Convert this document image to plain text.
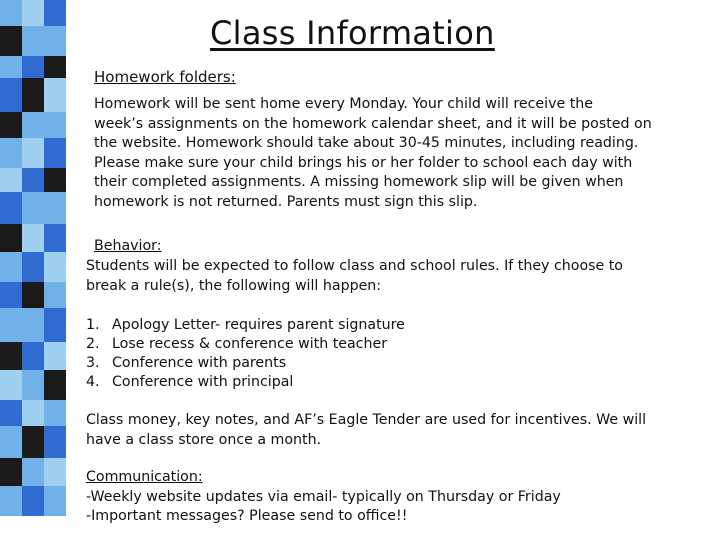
Class Information
Homework folders:
Homework will be sent home every Monday. Your child will receive the
week’s assignments on the homework calendar sheet, and it will be posted on
the website. Homework should take about 30-45 minutes, including reading.
Please make sure your child brings his or her folder to school each day with
their completed assignments. A missing homework slip will be given when
homework is not returned. Parents must sign this slip.
Behavior:
Students will be expected to follow class and school rules. If they choose to
break a rule(s), the following will happen:
1. Apology Letter- requires parent signature
2. Lose recess & conference with teacher
3. Conference with parents
4. Conference with principal
Class money, key notes, and AF’s Eagle Tender are used for incentives. We will
have a class store once a month.
Communication:
-Weekly website updates via email- typically on Thursday or Friday
-Important messages? Please send to office!!
